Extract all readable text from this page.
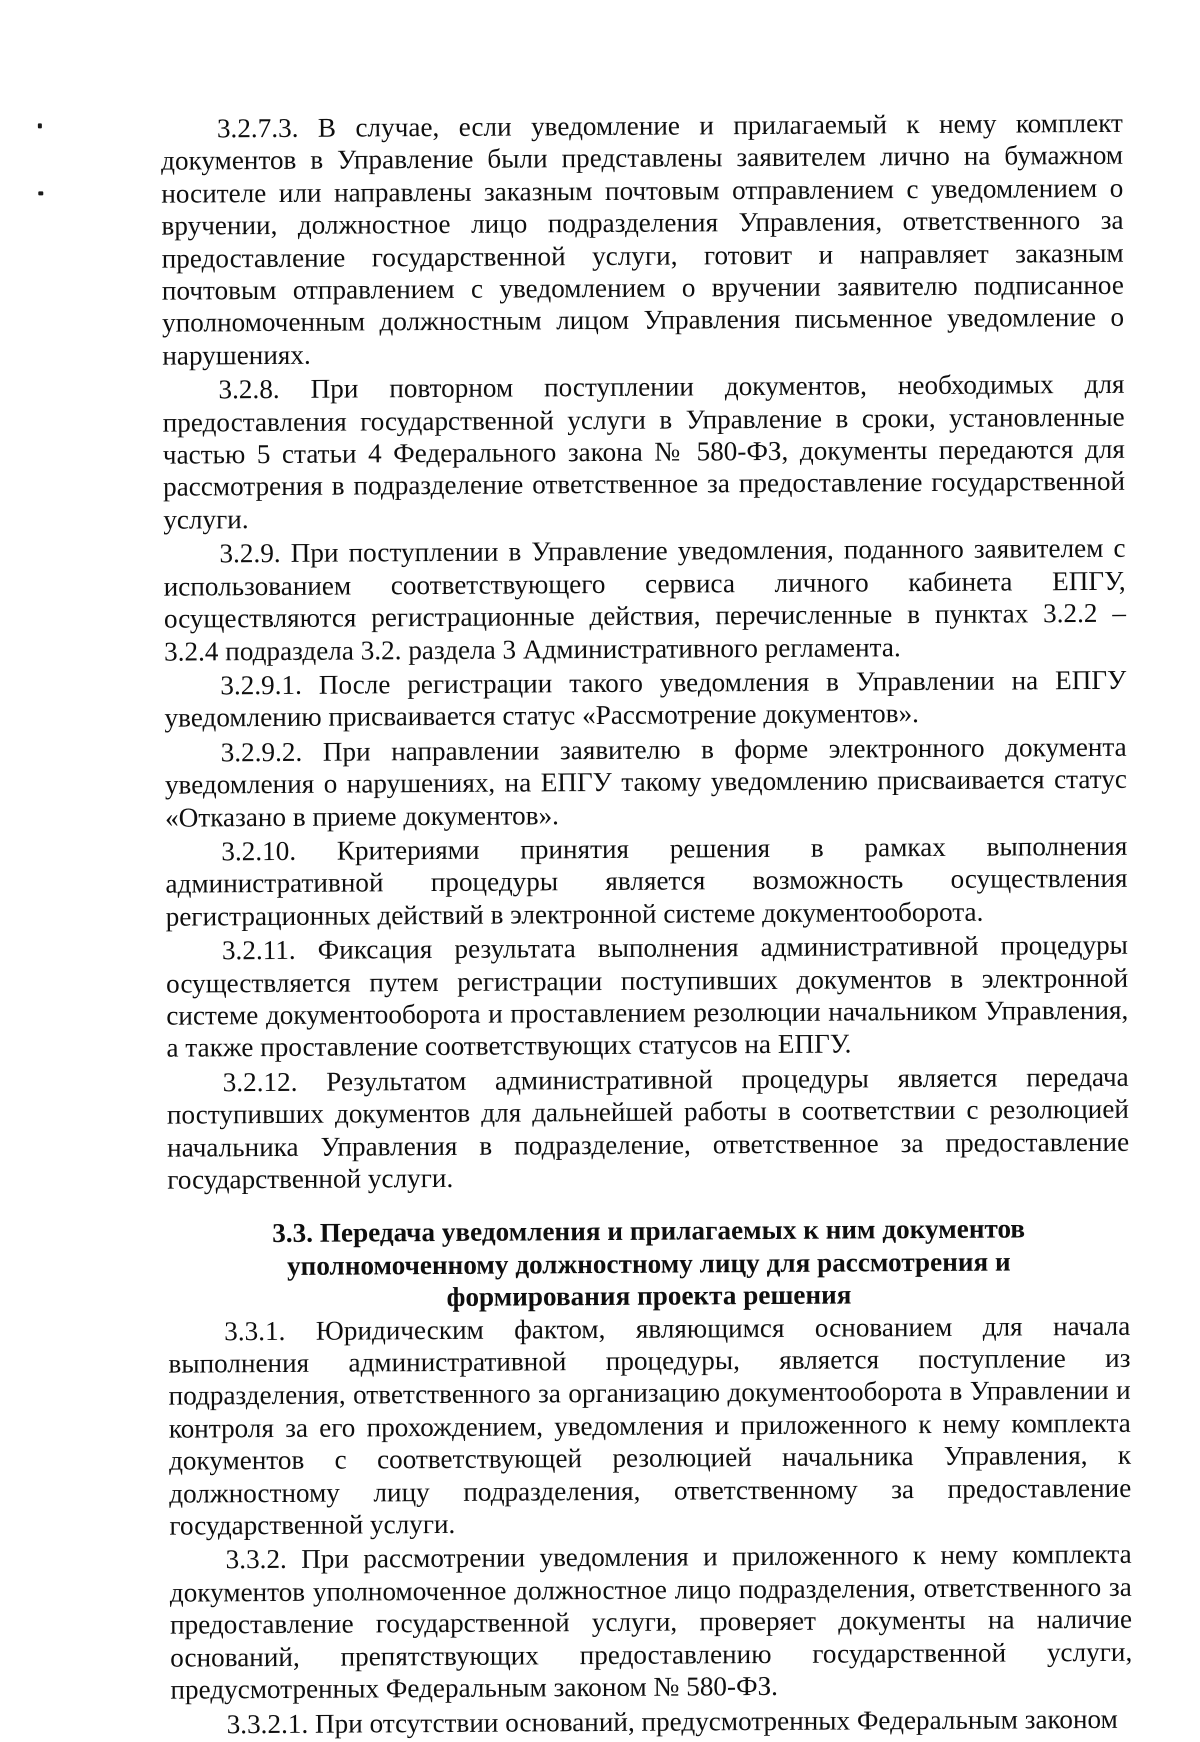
3.2.7.3. В случае, если уведомление и прилагаемый к нему комплект документов в Управление были представлены заявителем лично на бумажном носителе или направлены заказным почтовым отправлением с уведомлением о вручении, должностное лицо подразделения Управления, ответственного за предоставление государственной услуги, готовит и направляет заказным почтовым отправлением с уведомлением о вручении заявителю подписанное уполномоченным должностным лицом Управления письменное уведомление о нарушениях.

3.2.8. При повторном поступлении документов, необходимых для предоставления государственной услуги в Управление в сроки, установленные частью 5 статьи 4 Федерального закона № 580-ФЗ, документы передаются для рассмотрения в подразделение ответственное за предоставление государственной услуги.

3.2.9. При поступлении в Управление уведомления, поданного заявителем с использованием соответствующего сервиса личного кабинета ЕПГУ, осуществляются регистрационные действия, перечисленные в пунктах 3.2.2 – 3.2.4 подраздела 3.2. раздела 3 Административного регламента.

3.2.9.1. После регистрации такого уведомления в Управлении на ЕПГУ уведомлению присваивается статус «Рассмотрение документов».

3.2.9.2. При направлении заявителю в форме электронного документа уведомления о нарушениях, на ЕПГУ такому уведомлению присваивается статус «Отказано в приеме документов».

3.2.10. Критериями принятия решения в рамках выполнения административной процедуры является возможность осуществления регистрационных действий в электронной системе документооборота.

3.2.11. Фиксация результата выполнения административной процедуры осуществляется путем регистрации поступивших документов в электронной системе документооборота и проставлением резолюции начальником Управления, а также проставление соответствующих статусов на ЕПГУ.

3.2.12. Результатом административной процедуры является передача поступивших документов для дальнейшей работы в соответствии с резолюцией начальника Управления в подразделение, ответственное за предоставление государственной услуги.

3.3. Передача уведомления и прилагаемых к ним документов уполномоченному должностному лицу для рассмотрения и формирования проекта решения

3.3.1. Юридическим фактом, являющимся основанием для начала выполнения административной процедуры, является поступление из подразделения, ответственного за организацию документооборота в Управлении и контроля за его прохождением, уведомления и приложенного к нему комплекта документов с соответствующей резолюцией начальника Управления, к должностному лицу подразделения, ответственному за предоставление государственной услуги.

3.3.2. При рассмотрении уведомления и приложенного к нему комплекта документов уполномоченное должностное лицо подразделения, ответственного за предоставление государственной услуги, проверяет документы на наличие оснований, препятствующих предоставлению государственной услуги, предусмотренных Федеральным законом № 580-ФЗ.

3.3.2.1. При отсутствии оснований, предусмотренных Федеральным законом
